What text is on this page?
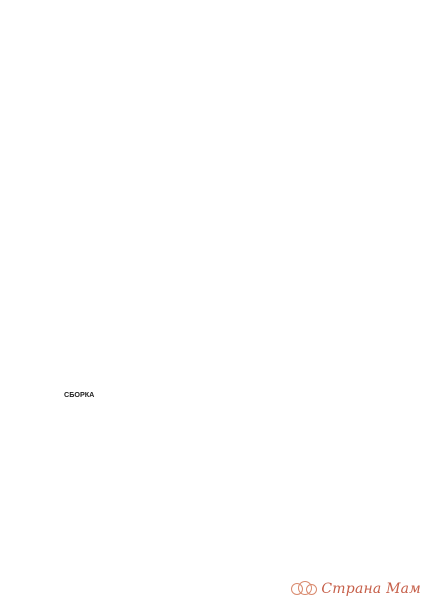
СБОРКА
Страна Мам
